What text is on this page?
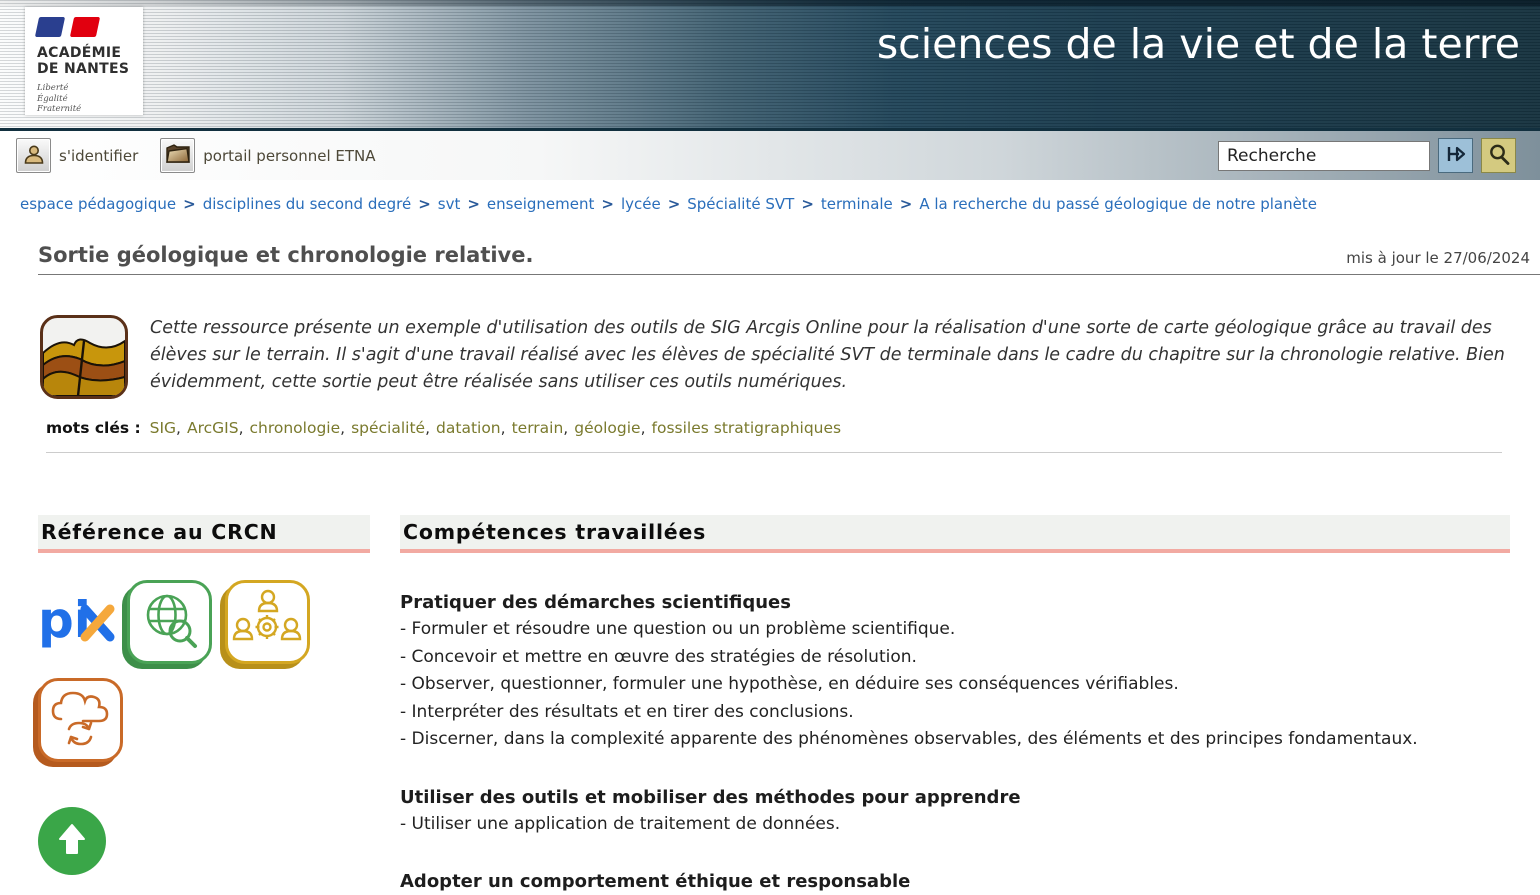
ACADÉMIE
DE NANTES
Liberté
Égalité
Fraternité
sciences de la vie et de la terre
s'identifier	portail personnel ETNA
Recherche
espace pédagogique > disciplines du second degré > svt > enseignement > lycée > Spécialité SVT > terminale > A la recherche du passé géologique de notre planète
Sortie géologique et chronologie relative.	mis à jour le 27/06/2024
Cette ressource présente un exemple d'utilisation des outils de SIG Arcgis Online pour la réalisation d'une sorte de carte géologique grâce au travail des élèves sur le terrain. Il s'agit d'une travail réalisé avec les élèves de spécialité SVT de terminale dans le cadre du chapitre sur la chronologie relative. Bien évidemment, cette sortie peut être réalisée sans utiliser ces outils numériques.
mots clés : SIG, ArcGIS, chronologie, spécialité, datation, terrain, géologie, fossiles stratigraphiques
Référence au CRCN
pi
Compétences travaillées
Pratiquer des démarches scientifiques
- Formuler et résoudre une question ou un problème scientifique.
- Concevoir et mettre en œuvre des stratégies de résolution.
- Observer, questionner, formuler une hypothèse, en déduire ses conséquences vérifiables.
- Interpréter des résultats et en tirer des conclusions.
- Discerner, dans la complexité apparente des phénomènes observables, des éléments et des principes fondamentaux.
Utiliser des outils et mobiliser des méthodes pour apprendre
- Utiliser une application de traitement de données.
Adopter un comportement éthique et responsable
